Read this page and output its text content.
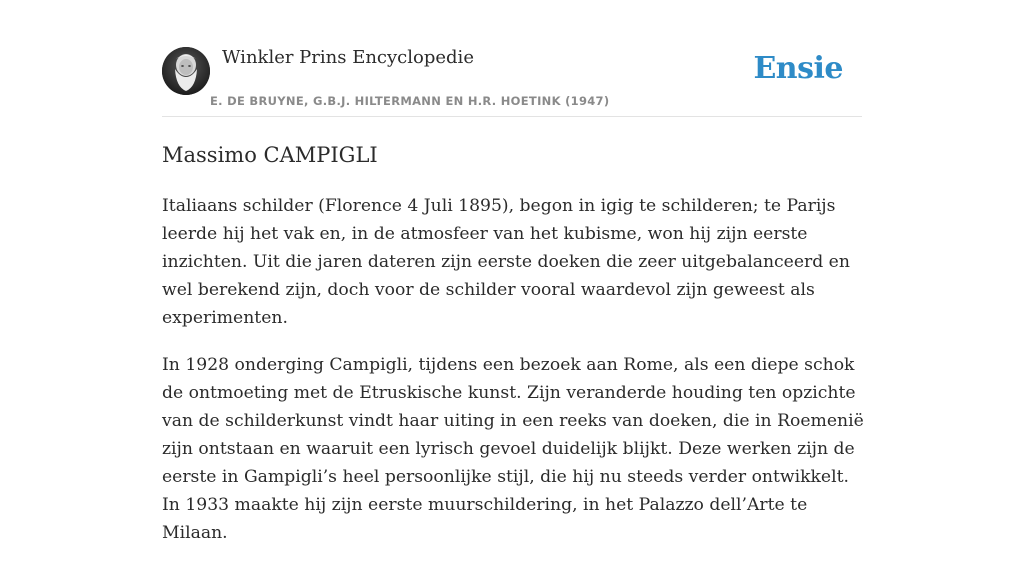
Winkler Prins Encyclopedie
E. DE BRUYNE, G.B.J. HILTERMANN EN H.R. HOETINK (1947)
Ensie
Massimo CAMPIGLI

Italiaans schilder (Florence 4 Juli 1895), begon in igig te schilderen; te Parijs leerde hij het vak en, in de atmosfeer van het kubisme, won hij zijn eerste inzichten. Uit die jaren dateren zijn eerste doeken die zeer uitgebalanceerd en wel berekend zijn, doch voor de schilder vooral waardevol zijn geweest als experimenten.

In 1928 onderging Campigli, tijdens een bezoek aan Rome, als een diepe schok de ontmoeting met de Etruskische kunst. Zijn veranderde houding ten opzichte van de schilderkunst vindt haar uiting in een reeks van doeken, die in Roemenië zijn ontstaan en waaruit een lyrisch gevoel duidelijk blijkt. Deze werken zijn de eerste in Gampigli’s heel persoonlijke stijl, die hij nu steeds verder ontwikkelt. In 1933 maakte hij zijn eerste muurschildering, in het Palazzo dell’Arte te Milaan.
